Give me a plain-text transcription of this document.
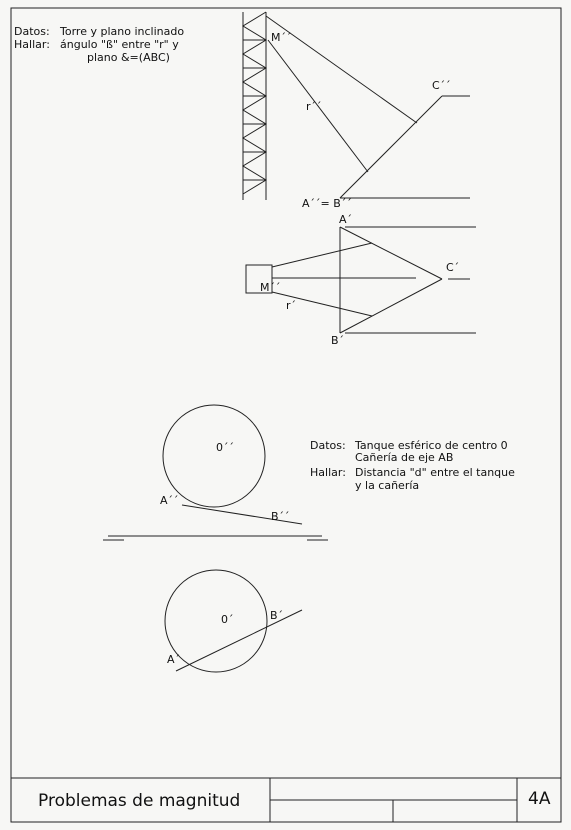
Datos: Torre y plano inclinado
Hallar: ángulo "ß" entre "r" y
plano &=(ABC)
M´´
r´´
C´´
A´´= B´´
A´
M´´
r´
C´
B´
Datos: Tanque esférico de centro 0
Cañería de eje AB
Hallar: Distancia "d" entre el tanque
y la cañería
0´´
A´´
B´´
0´
A´
B´
Problemas de magnitud	4A
